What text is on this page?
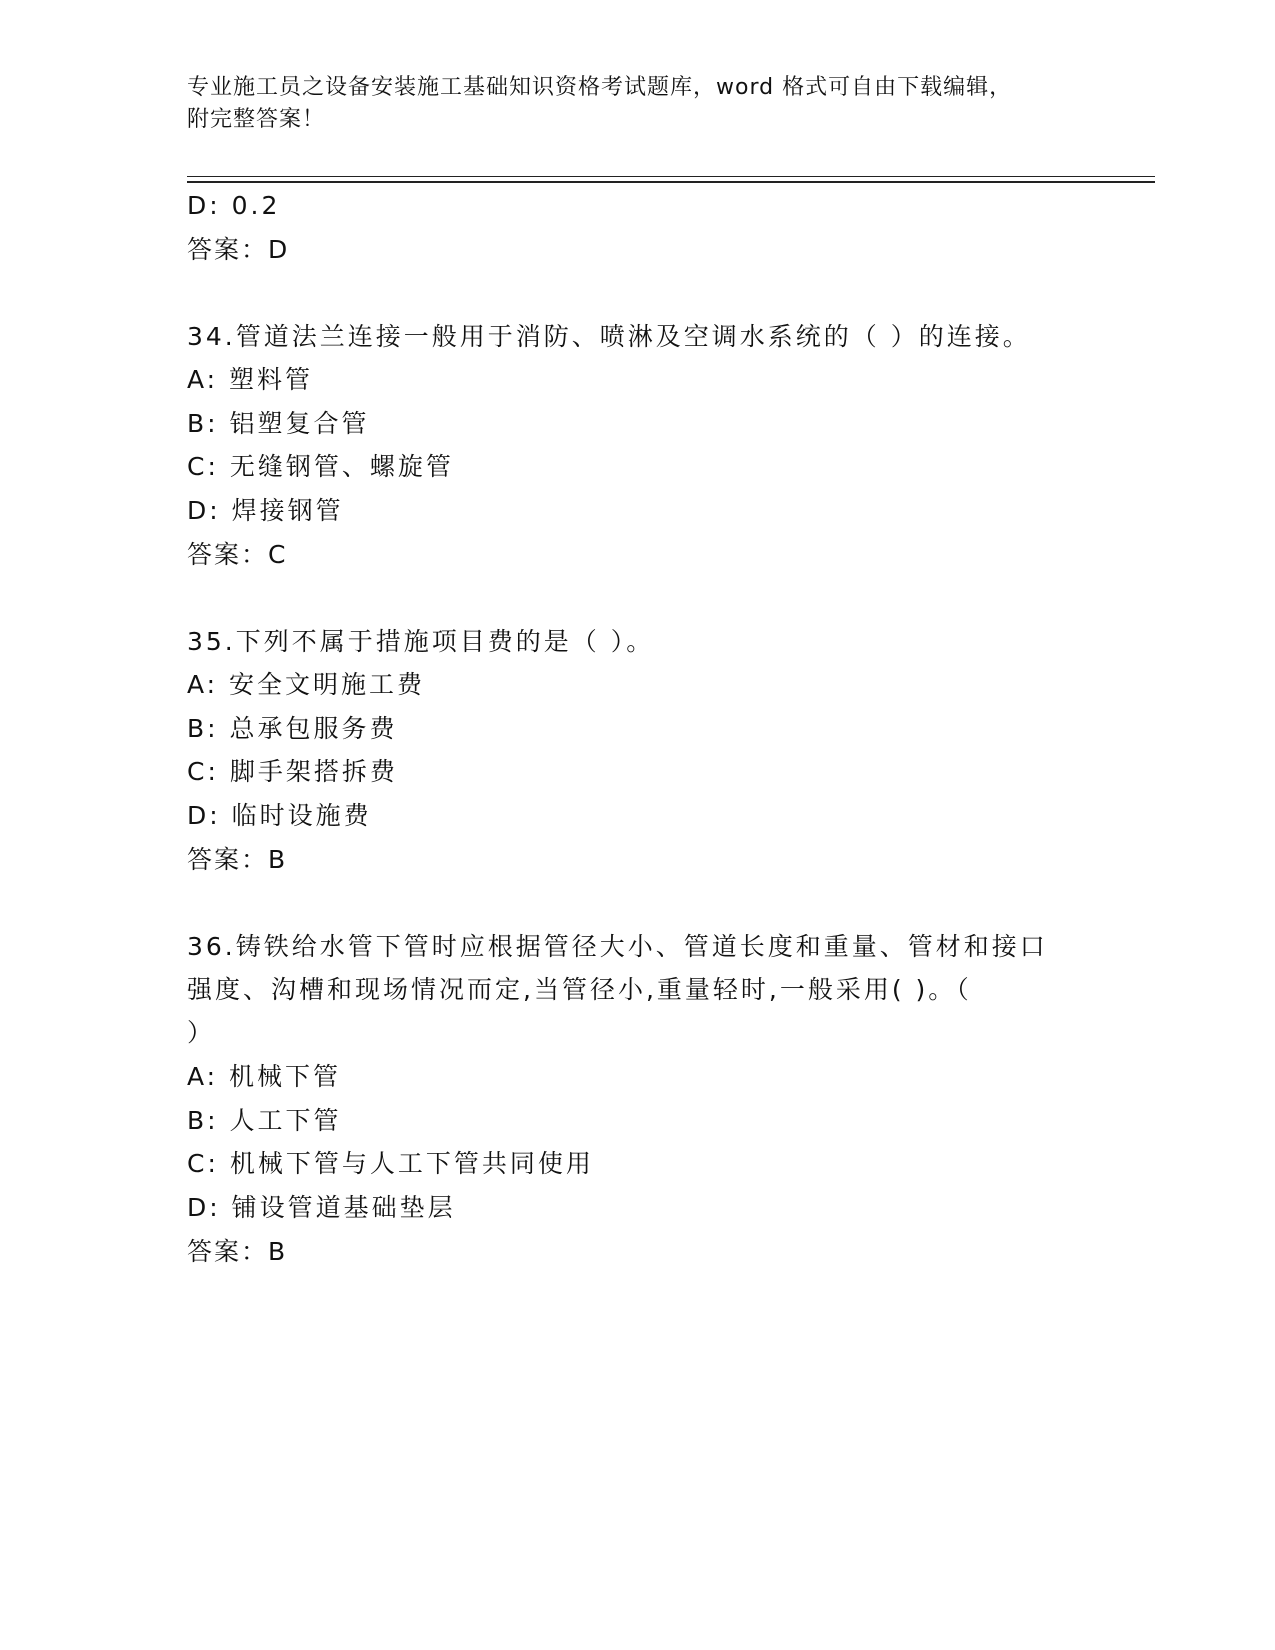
专业施工员之设备安装施工基础知识资格考试题库，word 格式可自由下载编辑，
附完整答案！
D: 0.2
答案：D
34.管道法兰连接一般用于消防、喷淋及空调水系统的（ ）的连接。
A: 塑料管
B: 铝塑复合管
C: 无缝钢管、螺旋管
D: 焊接钢管
答案：C
35.下列不属于措施项目费的是（ ）。
A: 安全文明施工费
B: 总承包服务费
C: 脚手架搭拆费
D: 临时设施费
答案：B
36.铸铁给水管下管时应根据管径大小、管道长度和重量、管材和接口
强度、沟槽和现场情况而定,当管径小,重量轻时,一般采用( )。（
）
A: 机械下管
B: 人工下管
C: 机械下管与人工下管共同使用
D: 铺设管道基础垫层
答案：B
